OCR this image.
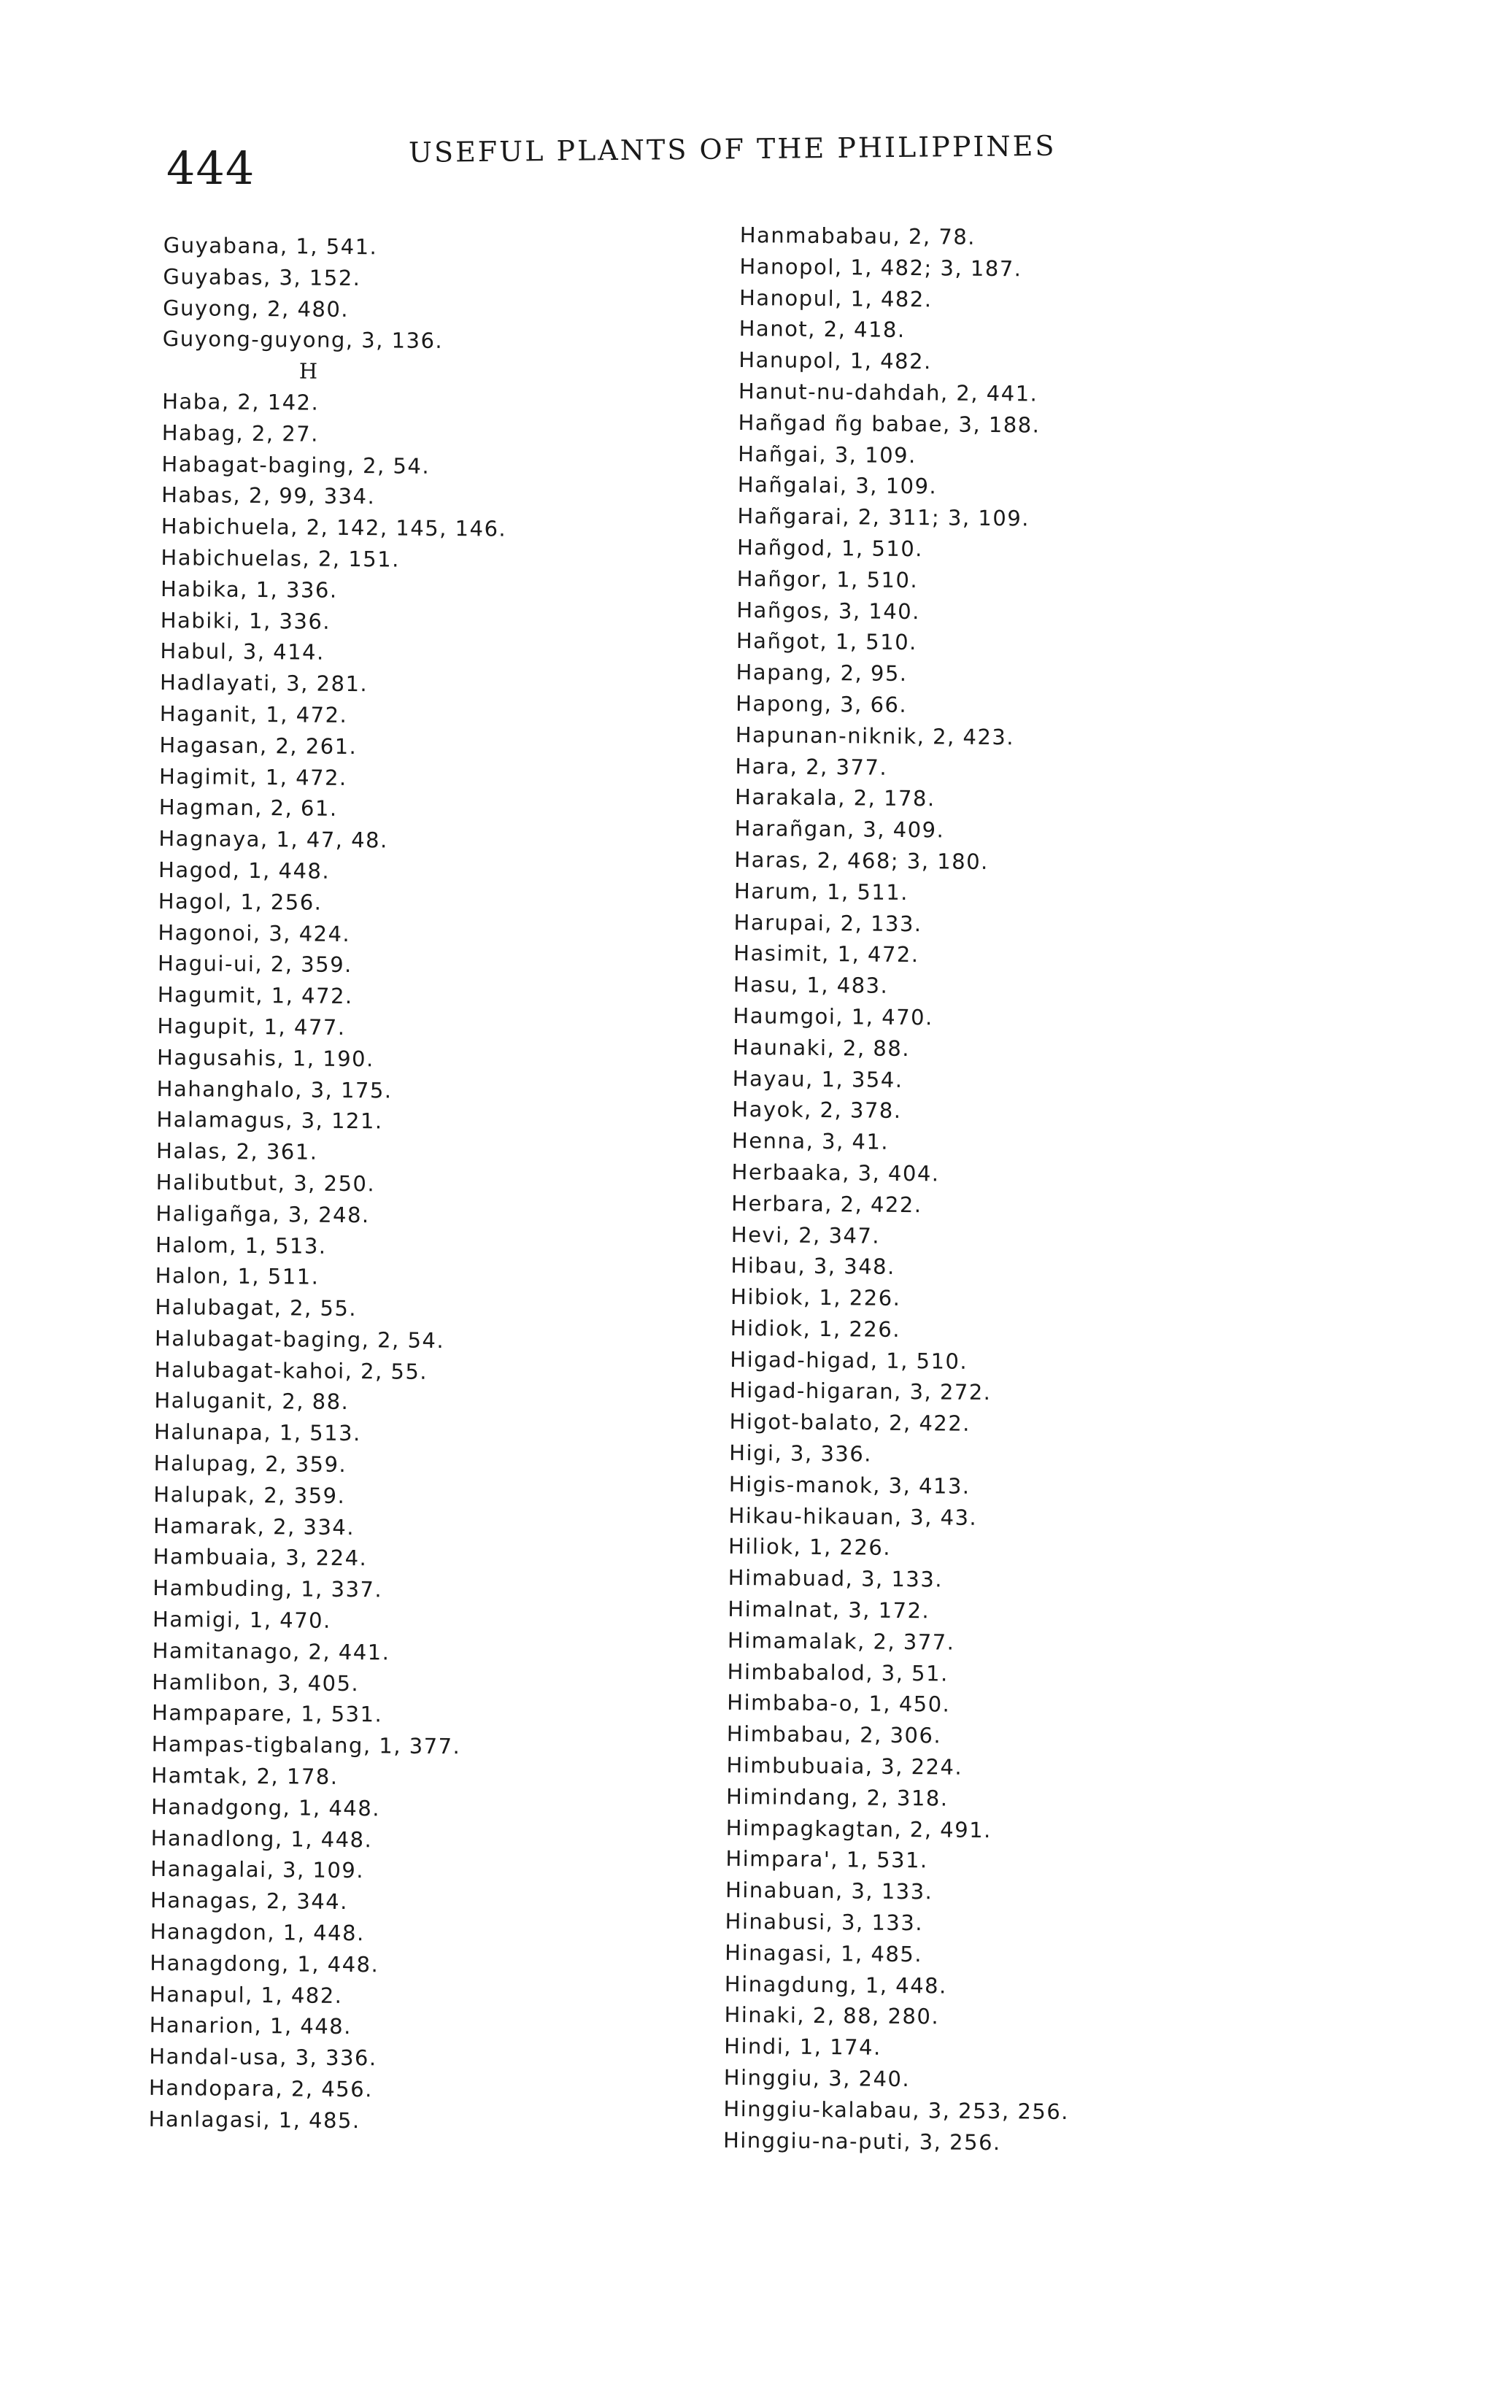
444	USEFUL PLANTS OF THE PHILIPPINES
Guyabana, 1, 541.
Guyabas, 3, 152.
Guyong, 2, 480.
Guyong-guyong, 3, 136.
H
Haba, 2, 142.
Habag, 2, 27.
Habagat-baging, 2, 54.
Habas, 2, 99, 334.
Habichuela, 2, 142, 145, 146.
Habichuelas, 2, 151.
Habika, 1, 336.
Habiki, 1, 336.
Habul, 3, 414.
Hadlayati, 3, 281.
Haganit, 1, 472.
Hagasan, 2, 261.
Hagimit, 1, 472.
Hagman, 2, 61.
Hagnaya, 1, 47, 48.
Hagod, 1, 448.
Hagol, 1, 256.
Hagonoi, 3, 424.
Hagui-ui, 2, 359.
Hagumit, 1, 472.
Hagupit, 1, 477.
Hagusahis, 1, 190.
Hahanghalo, 3, 175.
Halamagus, 3, 121.
Halas, 2, 361.
Halibutbut, 3, 250.
Haligañga, 3, 248.
Halom, 1, 513.
Halon, 1, 511.
Halubagat, 2, 55.
Halubagat-baging, 2, 54.
Halubagat-kahoi, 2, 55.
Haluganit, 2, 88.
Halunapa, 1, 513.
Halupag, 2, 359.
Halupak, 2, 359.
Hamarak, 2, 334.
Hambuaia, 3, 224.
Hambuding, 1, 337.
Hamigi, 1, 470.
Hamitanago, 2, 441.
Hamlibon, 3, 405.
Hampapare, 1, 531.
Hampas-tigbalang, 1, 377.
Hamtak, 2, 178.
Hanadgong, 1, 448.
Hanadlong, 1, 448.
Hanagalai, 3, 109.
Hanagas, 2, 344.
Hanagdon, 1, 448.
Hanagdong, 1, 448.
Hanapul, 1, 482.
Hanarion, 1, 448.
Handal-usa, 3, 336.
Handopara, 2, 456.
Hanlagasi, 1, 485.
Hanmababau, 2, 78.
Hanopol, 1, 482; 3, 187.
Hanopul, 1, 482.
Hanot, 2, 418.
Hanupol, 1, 482.
Hanut-nu-dahdah, 2, 441.
Hañgad ñg babae, 3, 188.
Hañgai, 3, 109.
Hañgalai, 3, 109.
Hañgarai, 2, 311; 3, 109.
Hañgod, 1, 510.
Hañgor, 1, 510.
Hañgos, 3, 140.
Hañgot, 1, 510.
Hapang, 2, 95.
Hapong, 3, 66.
Hapunan-niknik, 2, 423.
Hara, 2, 377.
Harakala, 2, 178.
Harañgan, 3, 409.
Haras, 2, 468; 3, 180.
Harum, 1, 511.
Harupai, 2, 133.
Hasimit, 1, 472.
Hasu, 1, 483.
Haumgoi, 1, 470.
Haunaki, 2, 88.
Hayau, 1, 354.
Hayok, 2, 378.
Henna, 3, 41.
Herbaaka, 3, 404.
Herbara, 2, 422.
Hevi, 2, 347.
Hibau, 3, 348.
Hibiok, 1, 226.
Hidiok, 1, 226.
Higad-higad, 1, 510.
Higad-higaran, 3, 272.
Higot-balato, 2, 422.
Higi, 3, 336.
Higis-manok, 3, 413.
Hikau-hikauan, 3, 43.
Hiliok, 1, 226.
Himabuad, 3, 133.
Himalnat, 3, 172.
Himamalak, 2, 377.
Himbabalod, 3, 51.
Himbaba-o, 1, 450.
Himbabau, 2, 306.
Himbubuaia, 3, 224.
Himindang, 2, 318.
Himpagkagtan, 2, 491.
Himpara', 1, 531.
Hinabuan, 3, 133.
Hinabusi, 3, 133.
Hinagasi, 1, 485.
Hinagdung, 1, 448.
Hinaki, 2, 88, 280.
Hindi, 1, 174.
Hinggiu, 3, 240.
Hinggiu-kalabau, 3, 253, 256.
Hinggiu-na-puti, 3, 256.
